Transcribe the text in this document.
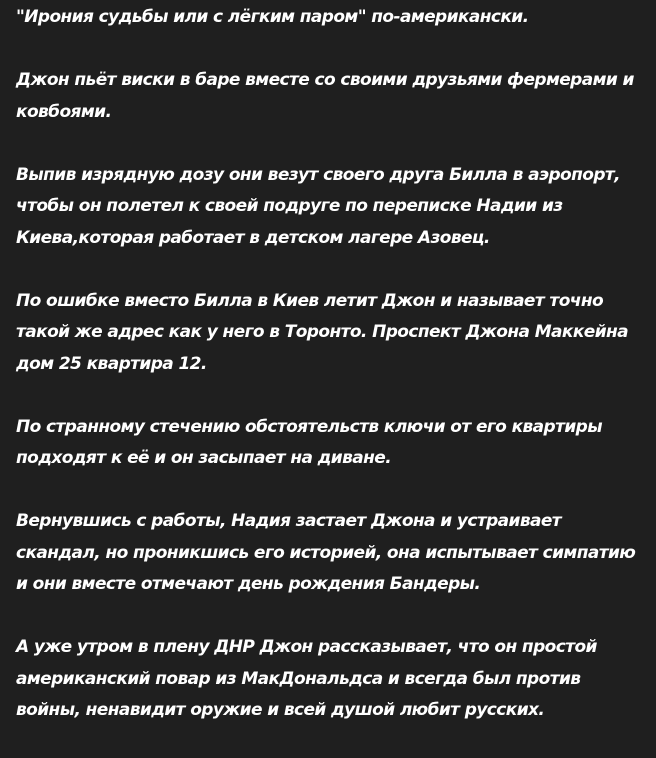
"Ирония судьбы или с лёгким паром" по-американски.

Джон пьёт виски в баре вместе со своими друзьями фермерами и ковбоями.

Выпив изрядную дозу они везут своего друга Билла в аэропорт, чтобы он полетел к своей подруге по переписке Надии из Киева,которая работает в детском лагере Азовец.

По ошибке вместо Билла в Киев летит Джон и называет точно такой же адрес как у него в Торонто. Проспект Джона Маккейна дом 25 квартира 12.

По странному стечению обстоятельств ключи от его квартиры подходят к её и он засыпает на диване.

Вернувшись с работы, Надия застает Джона и устраивает скандал, но проникшись его историей, она испытывает симпатию и они вместе отмечают день рождения Бандеры.

А уже утром в плену ДНР Джон рассказывает, что он простой американский повар из МакДональдса и всегда был против войны, ненавидит оружие и всей душой любит русских.
